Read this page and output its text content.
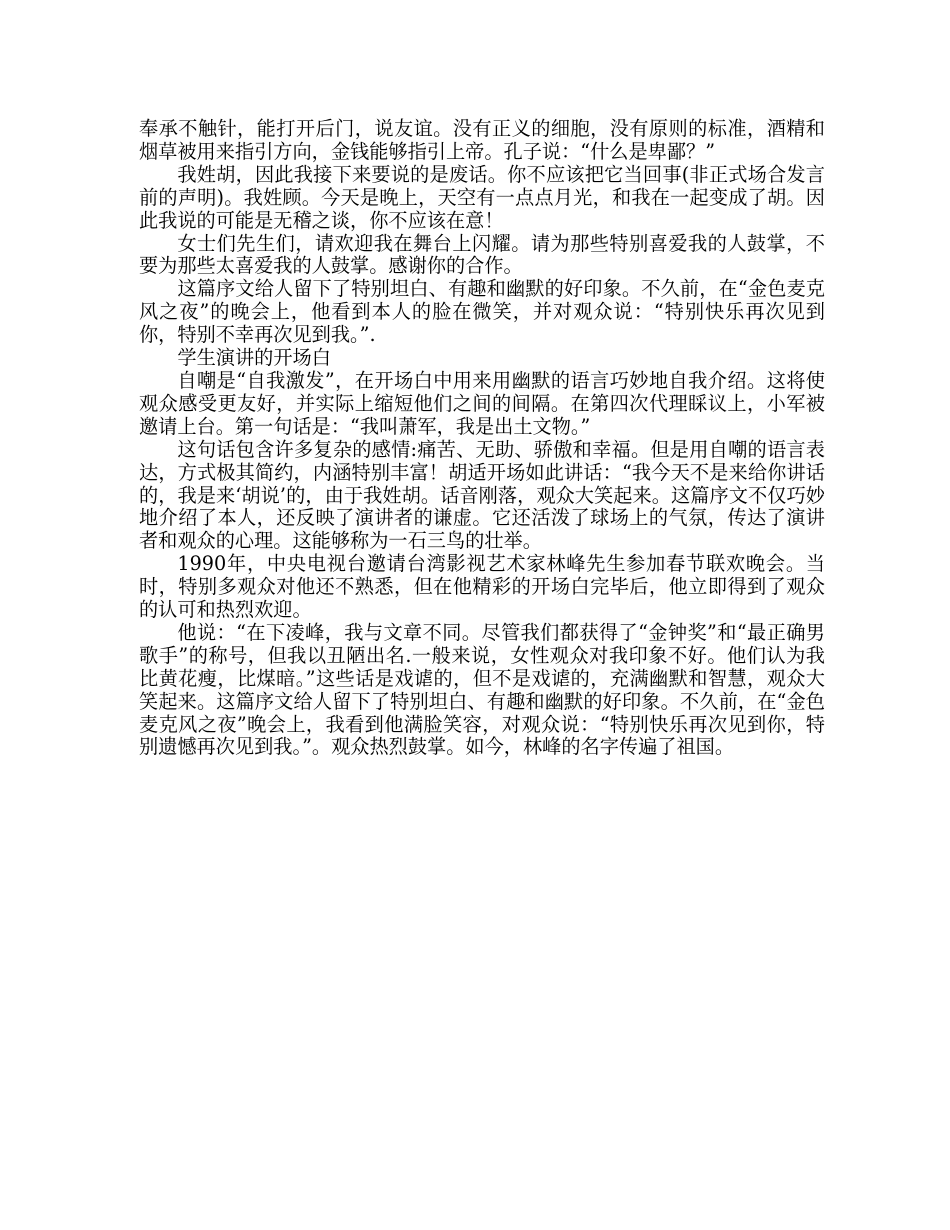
奉承不触针，能打开后门，说友谊。没有正义的细胞，没有原则的标准，酒精和烟草被用来指引方向，金钱能够指引上帝。孔子说：“什么是卑鄙？”

我姓胡，因此我接下来要说的是废话。你不应该把它当回事(非正式场合发言前的声明)。我姓顾。今天是晚上，天空有一点点月光，和我在一起变成了胡。因此我说的可能是无稽之谈，你不应该在意！

女士们先生们，请欢迎我在舞台上闪耀。请为那些特别喜爱我的人鼓掌，不要为那些太喜爱我的人鼓掌。感谢你的合作。

这篇序文给人留下了特别坦白、有趣和幽默的好印象。不久前，在“金色麦克风之夜”的晚会上，他看到本人的脸在微笑，并对观众说：“特别快乐再次见到你，特别不幸再次见到我。”.

学生演讲的开场白

自嘲是“自我激发”，在开场白中用来用幽默的语言巧妙地自我介绍。这将使观众感受更友好，并实际上缩短他们之间的间隔。在第四次代理睬议上，小军被邀请上台。第一句话是：“我叫萧军，我是出土文物。”

这句话包含许多复杂的感情:痛苦、无助、骄傲和幸福。但是用自嘲的语言表达，方式极其简约，内涵特别丰富！胡适开场如此讲话：“我今天不是来给你讲话的，我是来‘胡说’的，由于我姓胡。话音刚落，观众大笑起来。这篇序文不仅巧妙地介绍了本人，还反映了演讲者的谦虚。它还活泼了球场上的气氛，传达了演讲者和观众的心理。这能够称为一石三鸟的壮举。

1990年，中央电视台邀请台湾影视艺术家林峰先生参加春节联欢晚会。当时，特别多观众对他还不熟悉，但在他精彩的开场白完毕后，他立即得到了观众的认可和热烈欢迎。

他说：“在下凌峰，我与文章不同。尽管我们都获得了“金钟奖”和“最正确男歌手”的称号，但我以丑陋出名.一般来说，女性观众对我印象不好。他们认为我比黄花瘦，比煤暗。”这些话是戏谑的，但不是戏谑的，充满幽默和智慧，观众大笑起来。这篇序文给人留下了特别坦白、有趣和幽默的好印象。不久前，在“金色麦克风之夜”晚会上，我看到他满脸笑容，对观众说：“特别快乐再次见到你，特别遗憾再次见到我。”。观众热烈鼓掌。如今，林峰的名字传遍了祖国。
